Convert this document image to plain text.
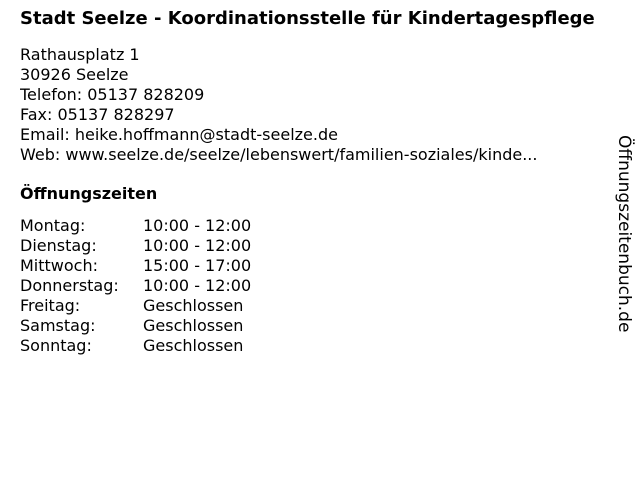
Stadt Seelze - Koordinationsstelle für Kindertagespflege
Rathausplatz 1
30926 Seelze
Telefon: 05137 828209
Fax: 05137 828297
Email: heike.hoffmann@stadt-seelze.de
Web: www.seelze.de/seelze/lebenswert/familien-soziales/kinde...
Öffnungszeiten
Montag:	10:00 - 12:00
Dienstag:	10:00 - 12:00
Mittwoch:	15:00 - 17:00
Donnerstag:	10:00 - 12:00
Freitag:	Geschlossen
Samstag:	Geschlossen
Sonntag:	Geschlossen
Öffnungszeitenbuch.de
